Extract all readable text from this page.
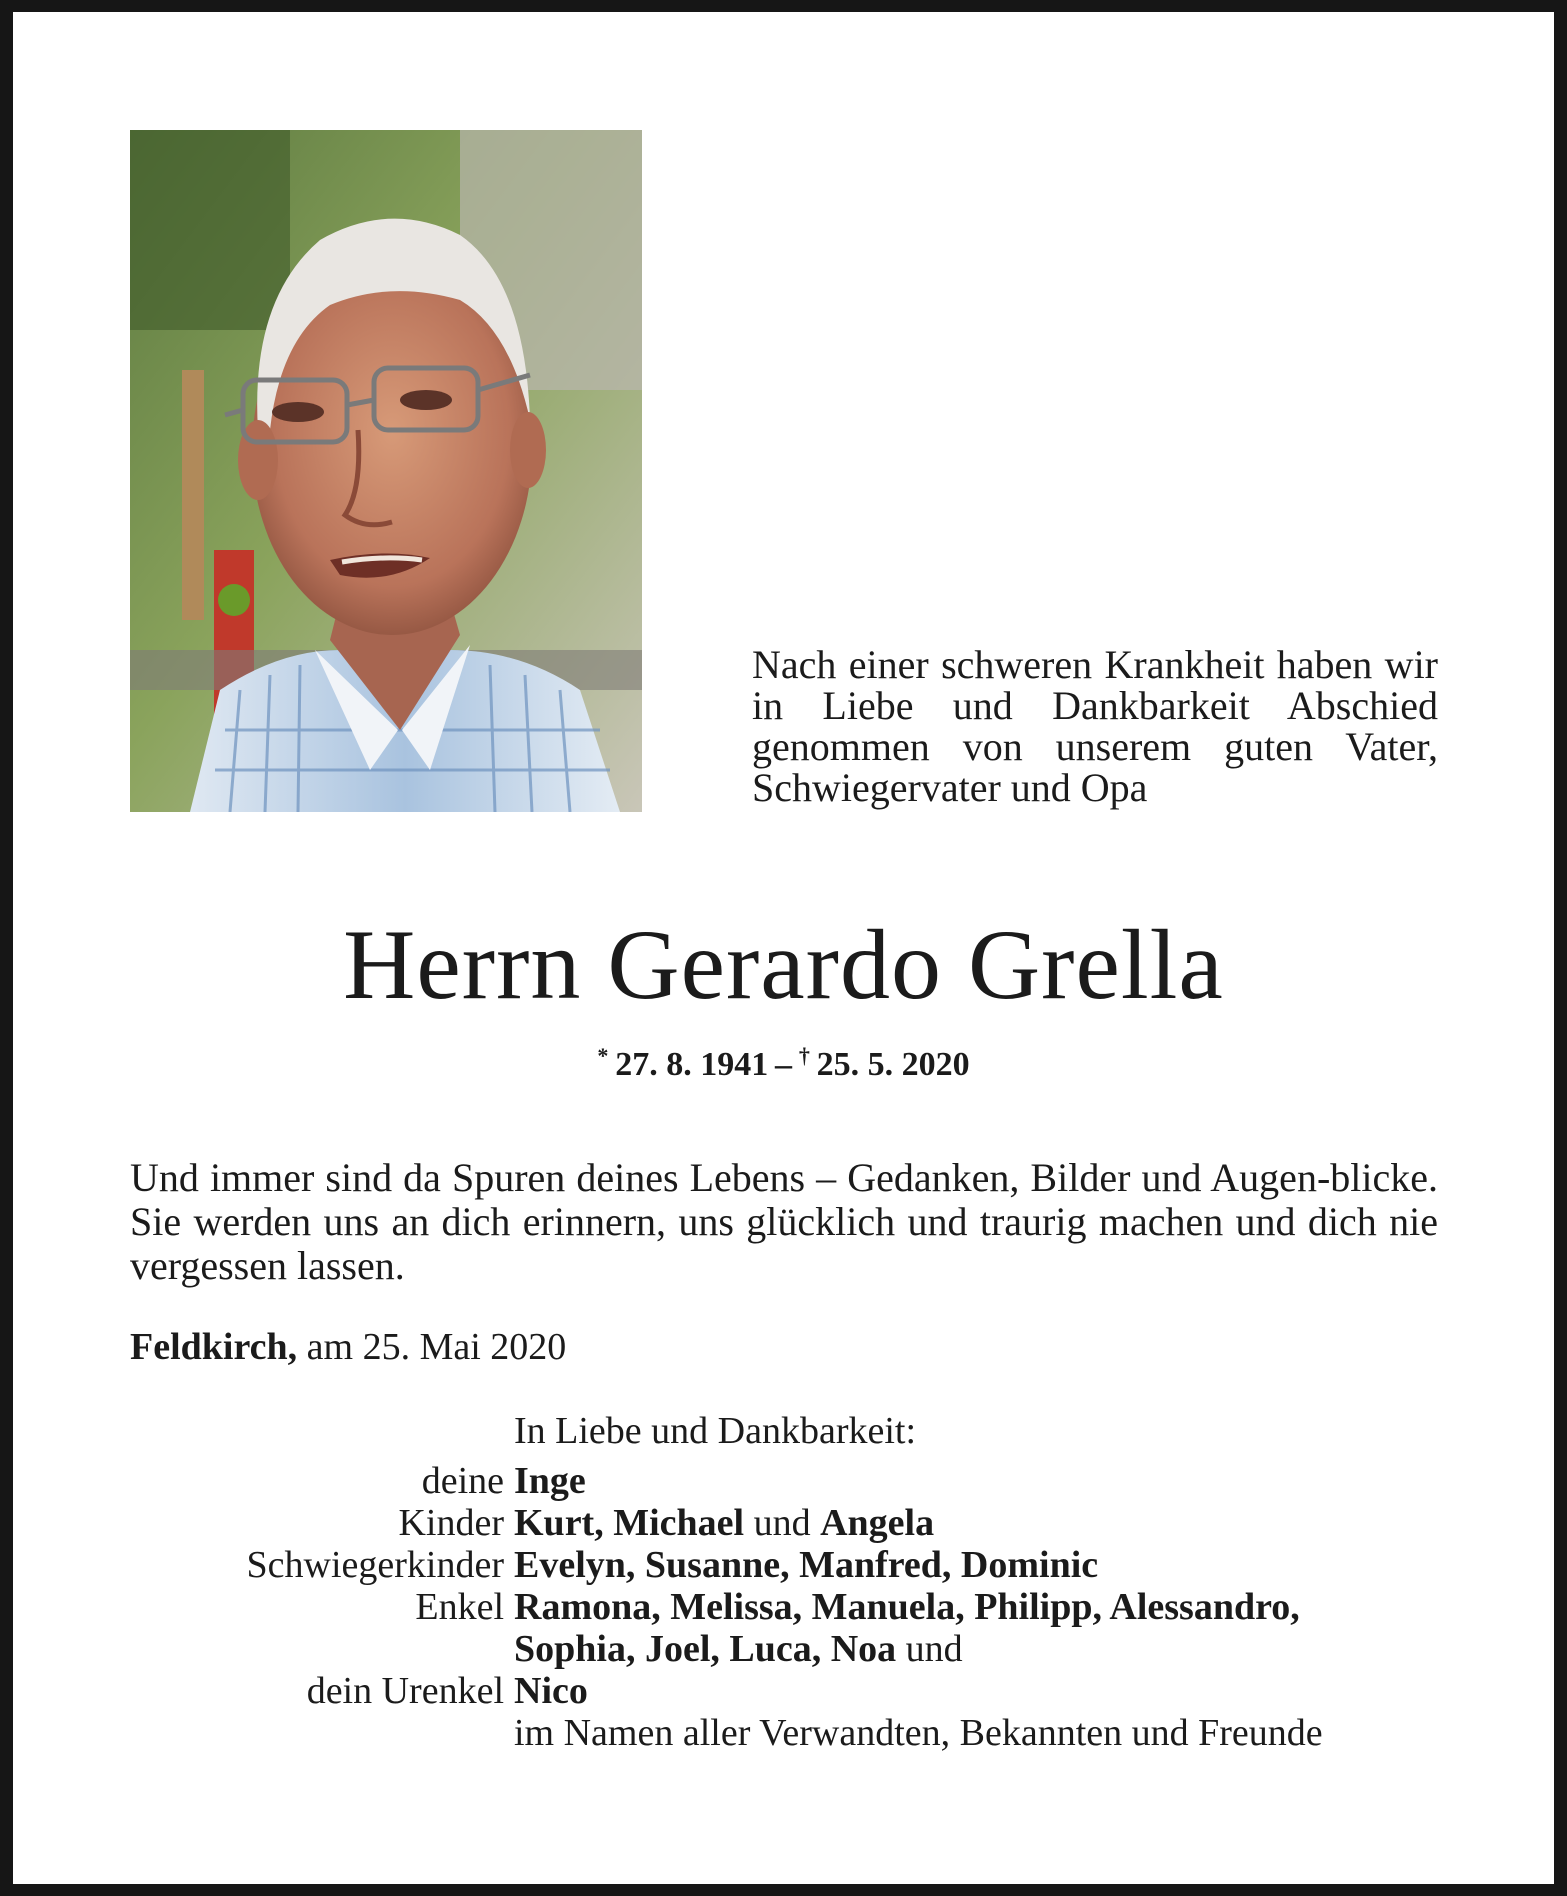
Nach einer schweren Krankheit haben wir in Liebe und Dankbarkeit Abschied genommen von unserem guten Vater, Schwiegervater und Opa
Herrn Gerardo Grella
*  27. 8. 1941  –  †  25. 5. 2020
Und immer sind da Spuren deines Lebens – Gedanken, Bilder und Augen-blicke. Sie werden uns an dich erinnern, uns glücklich und traurig machen und dich nie vergessen lassen.
Feldkirch, am 25. Mai 2020
In Liebe und Dankbarkeit:
deine Inge
Kinder Kurt, Michael und Angela
Schwiegerkinder Evelyn, Susanne, Manfred, Dominic
Enkel Ramona, Melissa, Manuela, Philipp, Alessandro,
Sophia, Joel, Luca, Noa und
dein Urenkel Nico
im Namen aller Verwandten, Bekannten und Freunde
